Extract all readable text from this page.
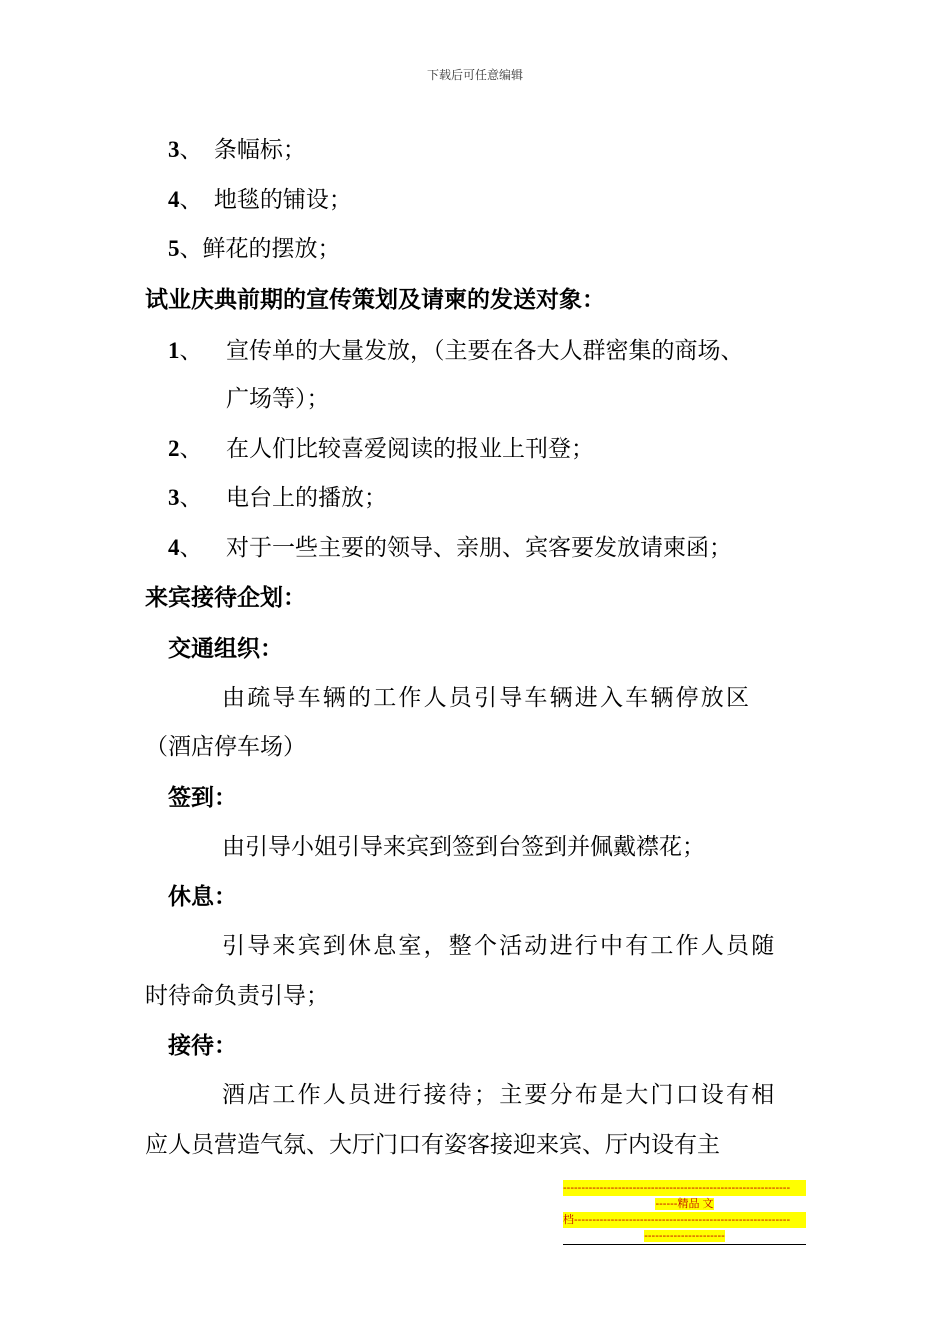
下载后可任意编辑
3、 条幅标；
4、 地毯的铺设；
5、鲜花的摆放；
试业庆典前期的宣传策划及请柬的发送对象：
1、 宣传单的大量发放，（主要在各大人群密集的商场、
广场等）；
2、 在人们比较喜爱阅读的报业上刊登；
3、 电台上的播放；
4、 对于一些主要的领导、亲朋、宾客要发放请柬函；
来宾接待企划：
交通组织：
由疏导车辆的工作人员引导车辆进入车辆停放区
（酒店停车场）
签到：
由引导小姐引导来宾到签到台签到并佩戴襟花；
休息：
引导来宾到休息室，整个活动进行中有工作人员随
时待命负责引导；
接待：
酒店工作人员进行接待；主要分布是大门口设有相
应人员营造气氛、大厅门口有姿客接迎来宾、厅内设有主
--------------------------------------------------------------
------精品 文
档-----------------------------------------------------------
----------------------
